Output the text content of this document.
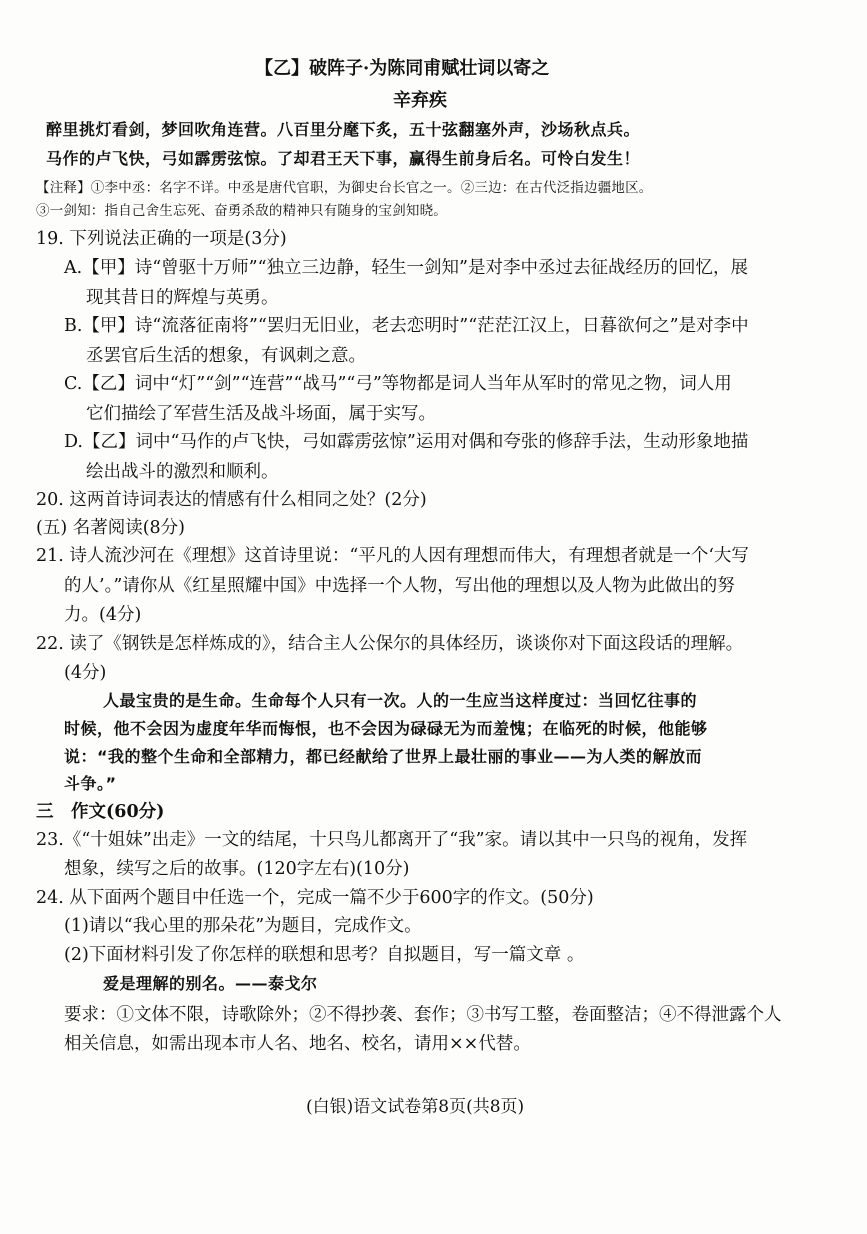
【乙】破阵子·为陈同甫赋壮词以寄之
辛弃疾
醉里挑灯看剑，梦回吹角连营。八百里分麾下炙，五十弦翻塞外声，沙场秋点兵。
马作的卢飞快，弓如霹雳弦惊。了却君王天下事，赢得生前身后名。可怜白发生！
【注释】①李中丞：名字不详。中丞是唐代官职，为御史台长官之一。②三边：在古代泛指边疆地区。
③一剑知：指自己舍生忘死、奋勇杀敌的精神只有随身的宝剑知晓。
19. 下列说法正确的一项是(3分)
A.【甲】诗“曾驱十万师”“独立三边静，轻生一剑知”是对李中丞过去征战经历的回忆，展
现其昔日的辉煌与英勇。
B.【甲】诗“流落征南将”“罢归无旧业，老去恋明时”“茫茫江汉上，日暮欲何之”是对李中
丞罢官后生活的想象，有讽刺之意。
C.【乙】词中“灯”“剑”“连营”“战马”“弓”等物都是词人当年从军时的常见之物，词人用
它们描绘了军营生活及战斗场面，属于实写。
D.【乙】词中“马作的卢飞快，弓如霹雳弦惊”运用对偶和夸张的修辞手法，生动形象地描
绘出战斗的激烈和顺利。
20. 这两首诗词表达的情感有什么相同之处？(2分)
(五) 名著阅读(8分)
21. 诗人流沙河在《理想》这首诗里说：“平凡的人因有理想而伟大，有理想者就是一个‘大写
的人’。”请你从《红星照耀中国》中选择一个人物，写出他的理想以及人物为此做出的努
力。(4分)
22. 读了《钢铁是怎样炼成的》，结合主人公保尔的具体经历，谈谈你对下面这段话的理解。
(4分)
人最宝贵的是生命。生命每个人只有一次。人的一生应当这样度过：当回忆往事的
时候，他不会因为虚度年华而悔恨，也不会因为碌碌无为而羞愧；在临死的时候，他能够
说：“我的整个生命和全部精力，都已经献给了世界上最壮丽的事业——为人类的解放而
斗争。”
三　作文(60分)
23.《“十姐妹”出走》一文的结尾，十只鸟儿都离开了“我”家。请以其中一只鸟的视角，发挥
想象，续写之后的故事。(120字左右)(10分)
24. 从下面两个题目中任选一个，完成一篇不少于600字的作文。(50分)
(1)请以“我心里的那朵花”为题目，完成作文。
(2)下面材料引发了你怎样的联想和思考？自拟题目，写一篇文章 。
爱是理解的别名。——泰戈尔
要求：①文体不限，诗歌除外；②不得抄袭、套作；③书写工整，卷面整洁；④不得泄露个人
相关信息，如需出现本市人名、地名、校名，请用××代替。
(白银)语文试卷第8页(共8页)
